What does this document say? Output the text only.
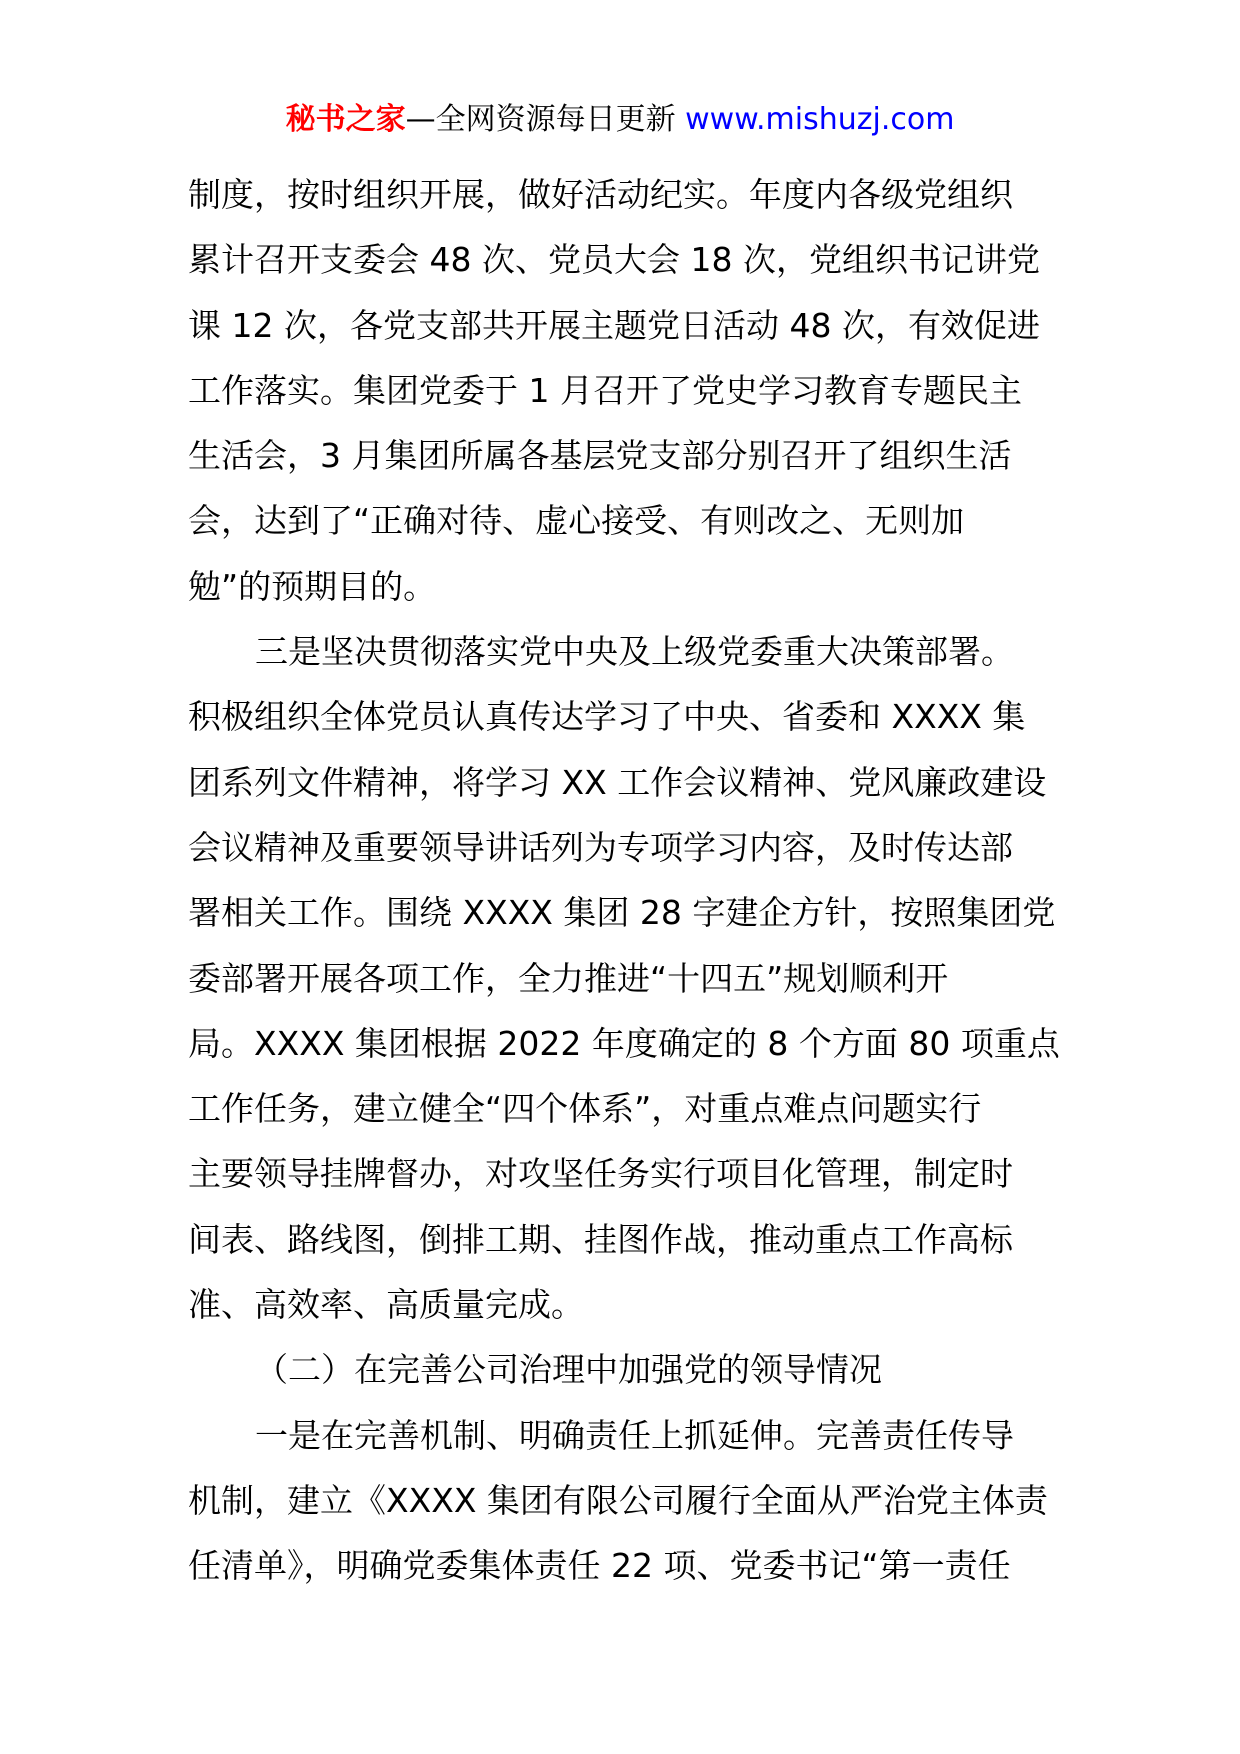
秘书之家—全网资源每日更新 www.mishuzj.com
制度，按时组织开展，做好活动纪实。年度内各级党组织
累计召开支委会 48 次、党员大会 18 次，党组织书记讲党
课 12 次，各党支部共开展主题党日活动 48 次，有效促进
工作落实。集团党委于 1 月召开了党史学习教育专题民主
生活会，3 月集团所属各基层党支部分别召开了组织生活
会，达到了“正确对待、虚心接受、有则改之、无则加
勉”的预期目的。
三是坚决贯彻落实党中央及上级党委重大决策部署。
积极组织全体党员认真传达学习了中央、省委和 XXXX 集
团系列文件精神，将学习 XX 工作会议精神、党风廉政建设
会议精神及重要领导讲话列为专项学习内容，及时传达部
署相关工作。围绕 XXXX 集团 28 字建企方针，按照集团党
委部署开展各项工作，全力推进“十四五”规划顺利开
局。XXXX 集团根据 2022 年度确定的 8 个方面 80 项重点
工作任务，建立健全“四个体系”，对重点难点问题实行
主要领导挂牌督办，对攻坚任务实行项目化管理，制定时
间表、路线图，倒排工期、挂图作战，推动重点工作高标
准、高效率、高质量完成。
（二）在完善公司治理中加强党的领导情况
一是在完善机制、明确责任上抓延伸。完善责任传导
机制，建立《XXXX 集团有限公司履行全面从严治党主体责
任清单》，明确党委集体责任 22 项、党委书记“第一责任
